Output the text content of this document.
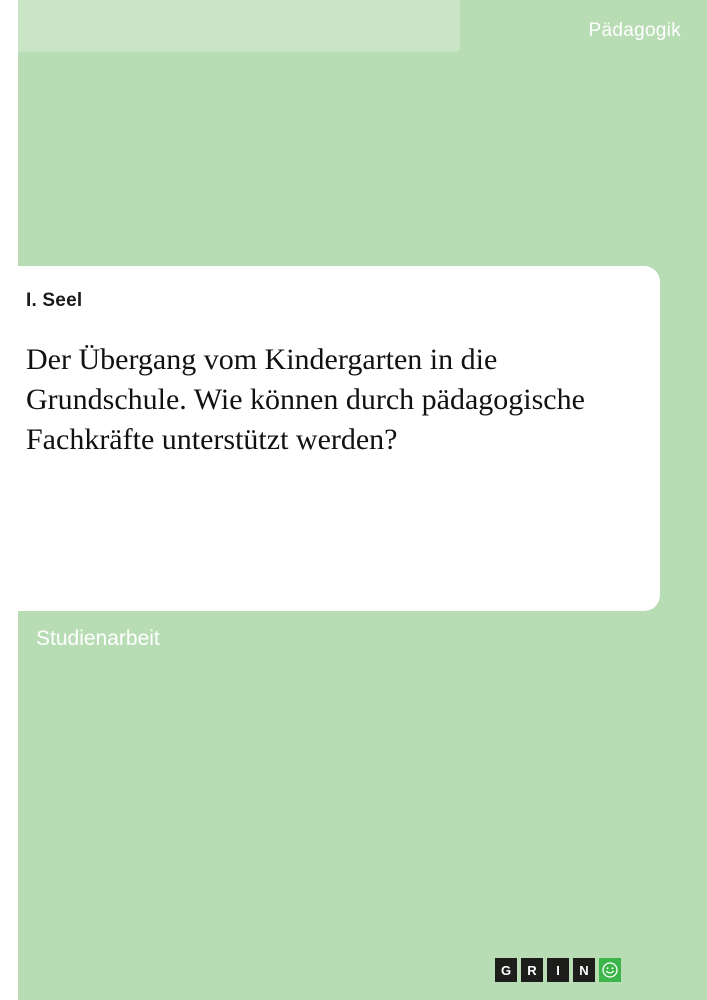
Pädagogik

I. Seel

Der Übergang vom Kindergarten in die Grundschule. Wie können durch pädagogische Fachkräfte unterstützt werden?
Studienarbeit
G	R	I	N
